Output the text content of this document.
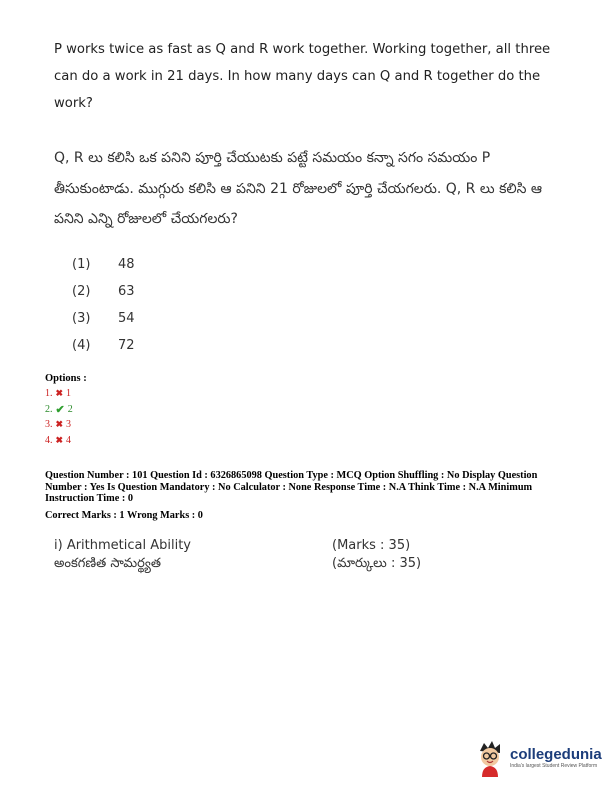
P works twice as fast as Q and R work together. Working together, all three can do a work in 21 days. In how many days can Q and R together do the work?
Q, R లు కలిసి ఒక పనిని పూర్తి చేయుటకు పట్టే సమయం కన్నా సగం సమయం P తీసుకుంటాడు. ముగ్గురు కలిసి ఆ పనిని 21 రోజులలో పూర్తి చేయగలరు. Q, R లు కలిసి ఆ పనిని ఎన్ని రోజులలో చేయగలరు?
(1) 48
(2) 63
(3) 54
(4) 72
Options :
1. ✖ 1
2. ✔ 2
3. ✖ 3
4. ✖ 4
Question Number : 101 Question Id : 6326865098 Question Type : MCQ Option Shuffling : No Display Question Number : Yes Is Question Mandatory : No Calculator : None Response Time : N.A Think Time : N.A Minimum Instruction Time : 0
Correct Marks : 1 Wrong Marks : 0
i) Arithmetical Ability
అంకగణిత సామర్థ్యత
(Marks : 35)
(మార్కులు : 35)
collegedunia
India's largest Student Review Platform
